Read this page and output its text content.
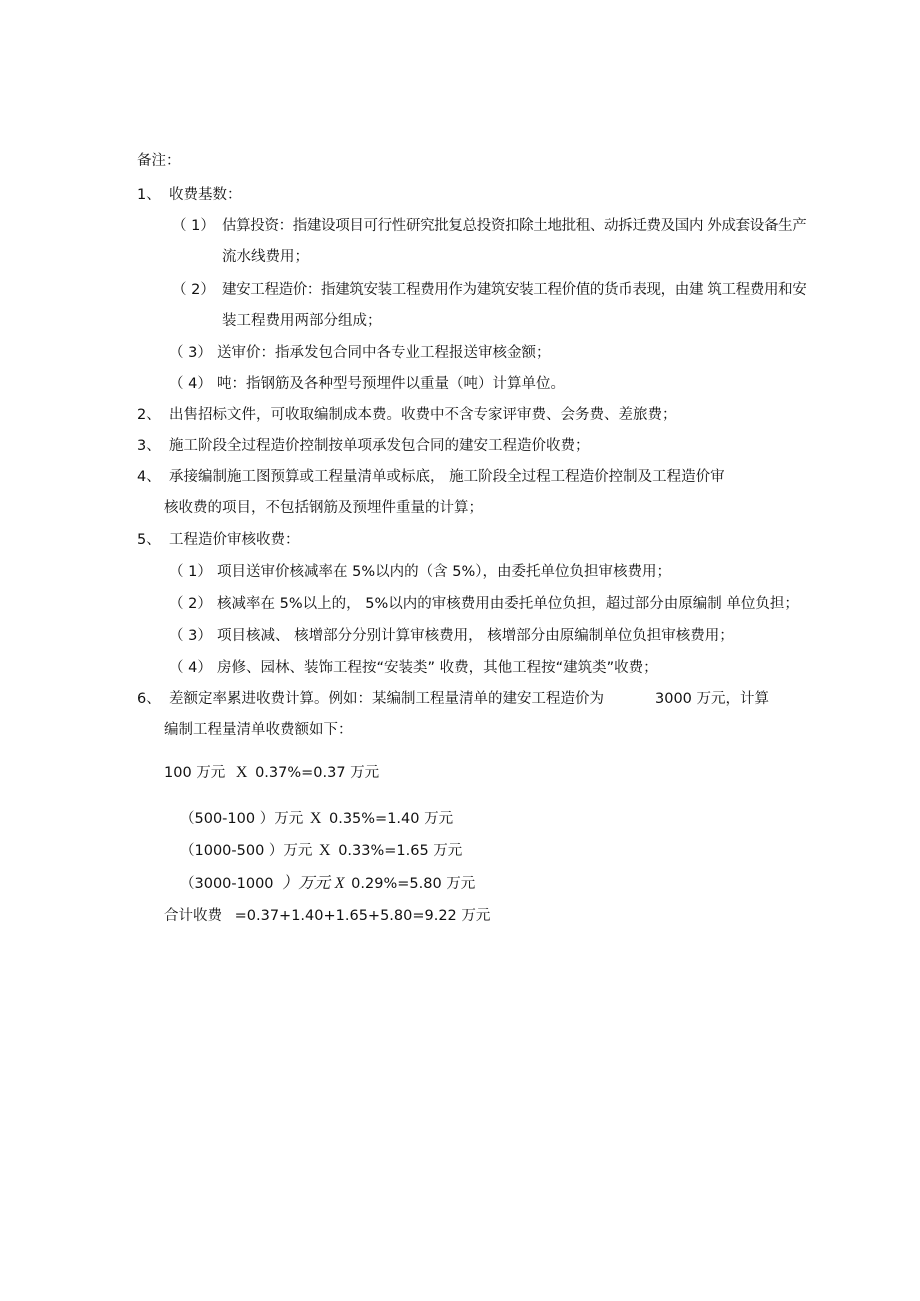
备注：
1、 收费基数：
（ 1） 估算投资：指建设项目可行性研究批复总投资扣除土地批租、动拆迁费及国内 外成套设备生产
流水线费用；
（ 2） 建安工程造价：指建筑安装工程费用作为建筑安装工程价值的货币表现，由建 筑工程费用和安
装工程费用两部分组成；
（ 3） 送审价：指承发包合同中各专业工程报送审核金额；
（ 4） 吨：指钢筋及各种型号预埋件以重量（吨）计算单位。
2、 出售招标文件，可收取编制成本费。收费中不含专家评审费、会务费、差旅费；
3、 施工阶段全过程造价控制按单项承发包合同的建安工程造价收费；
4、 承接编制施工图预算或工程量清单或标底， 施工阶段全过程工程造价控制及工程造价审
核收费的项目，不包括钢筋及预埋件重量的计算；
5、 工程造价审核收费：
（ 1） 项目送审价核减率在 5%以内的（含 5%），由委托单位负担审核费用；
（ 2） 核减率在 5%以上的， 5%以内的审核费用由委托单位负担，超过部分由原编制 单位负担；
（ 3） 项目核减、 核增部分分别计算审核费用， 核增部分由原编制单位负担审核费用；
（ 4） 房修、园林、装饰工程按“安装类” 收费，其他工程按“建筑类”收费；
6、 差额定率累进收费计算。例如：某编制工程量清单的建安工程造价为	3000 万元，计算
编制工程量清单收费额如下：
100 万元 X 0.37%=0.37 万元
（500-100 ）万元 X 0.35%=1.40 万元
（1000-500 ）万元 X 0.33%=1.65 万元
（3000-1000 ）万元 X 0.29%=5.80 万元
合计收费 =0.37+1.40+1.65+5.80=9.22 万元
